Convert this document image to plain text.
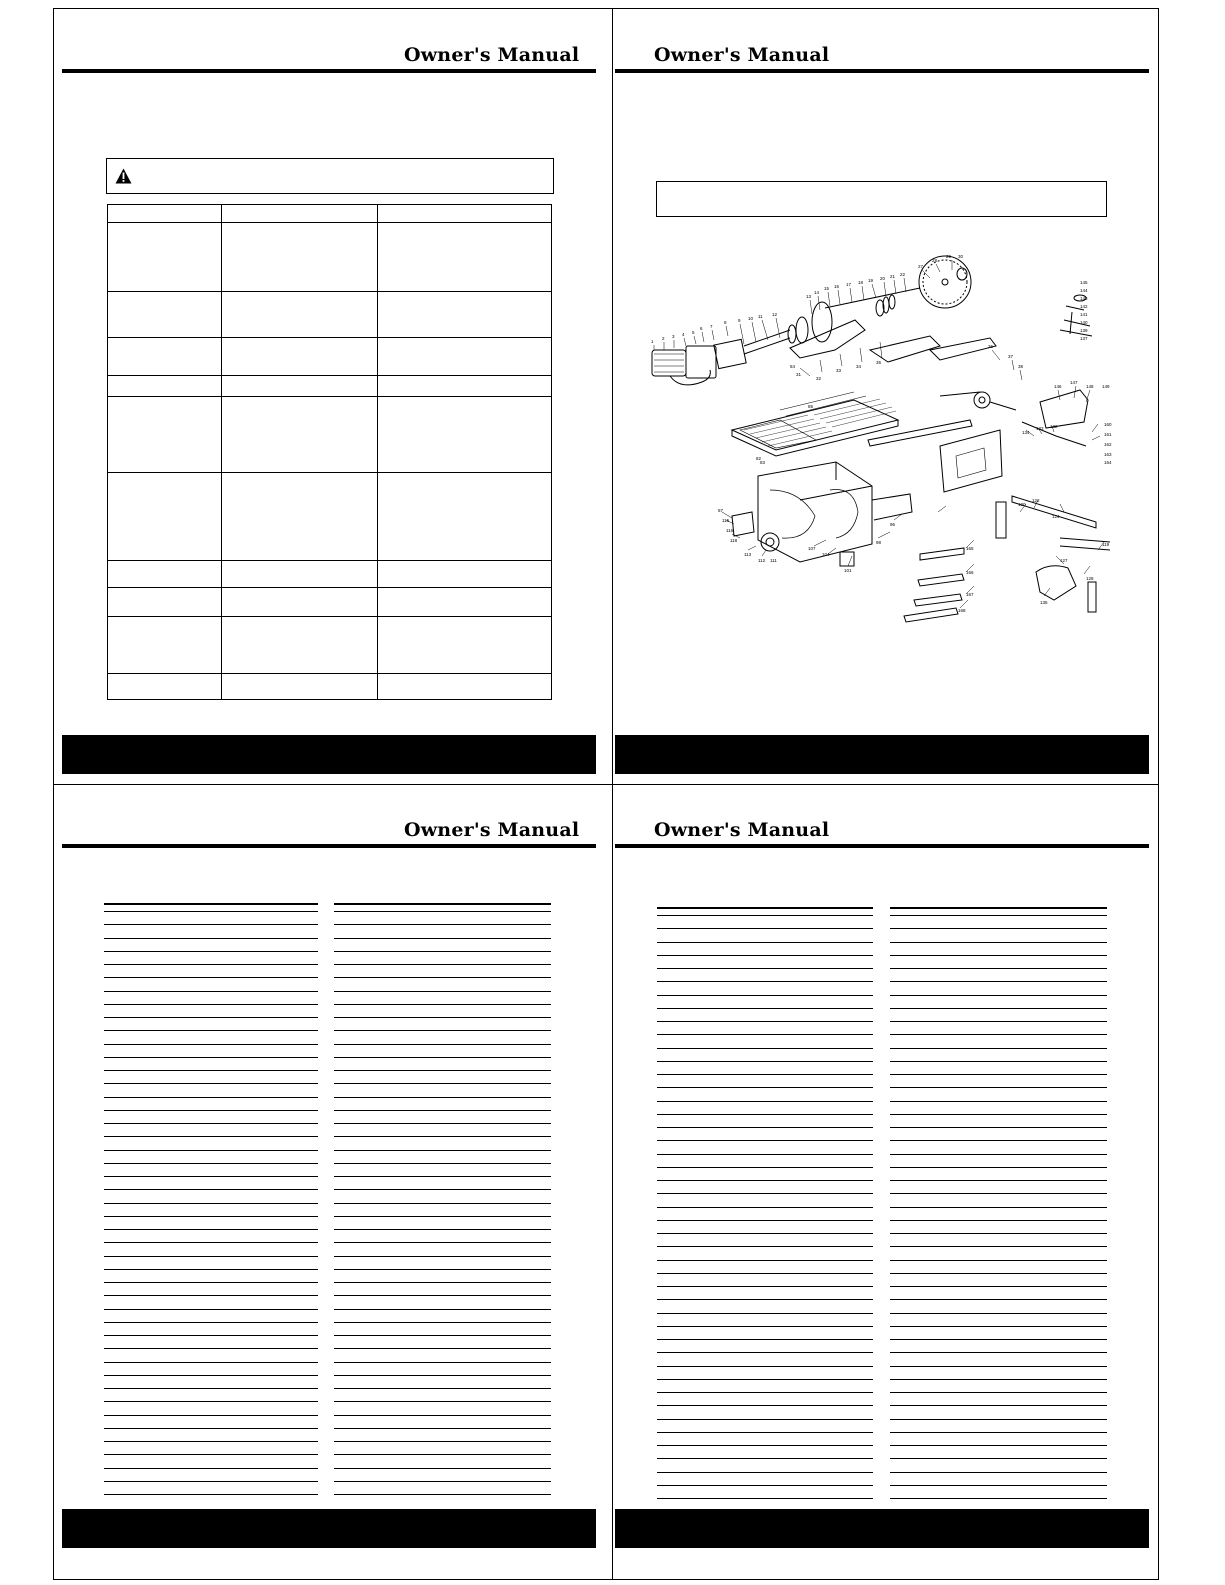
Owner's Manual

			Owner's Manual
1
2 3 4 5
6 7
8	9 10 11 12
13
14
15 16 17 18 19 20 21 22
27
28
29 30
31
32
33
34
35
36
37
38
146
147
148 149
145
144
143
142
141
140
139
137
134
133 132	160
161
162
163
164
87
115
116
118
113
112 111
107
104
101
98
96
165
166
167
168
100
122
124
119
127
128
135
85
84
83
82
Owner's Manual	Owner's Manual
